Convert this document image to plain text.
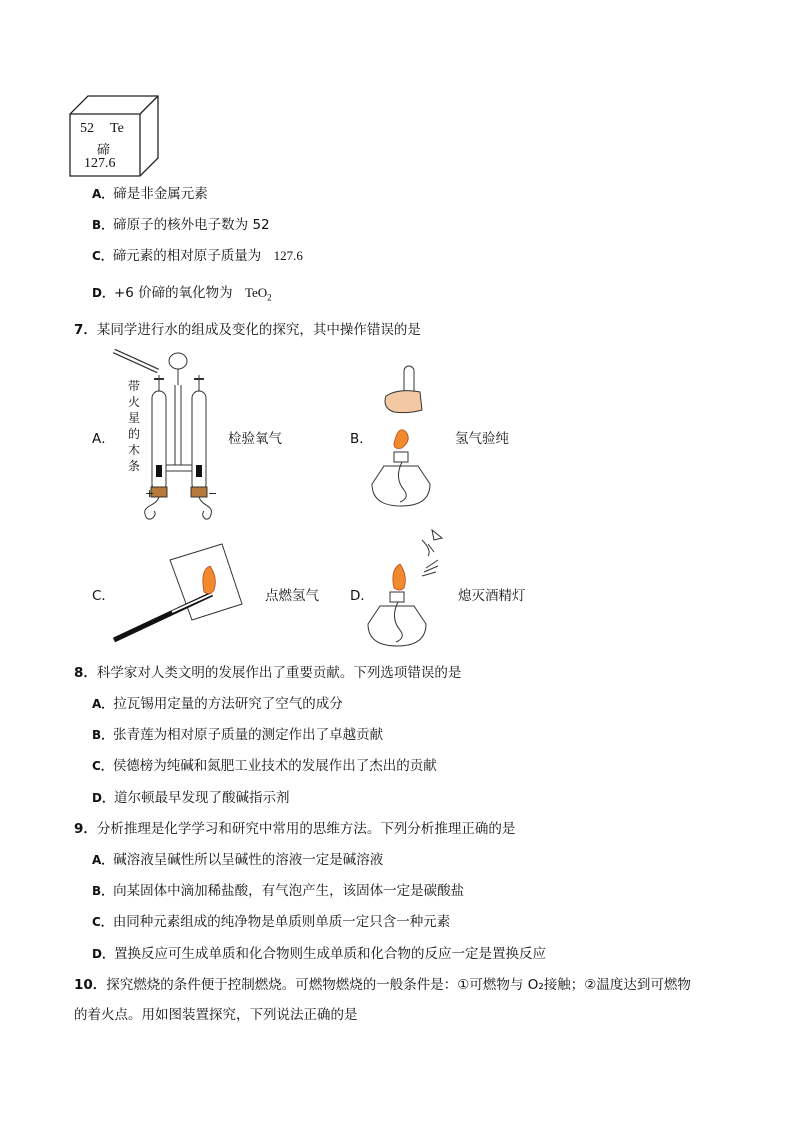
52 Te
碲
127.6
A．碲是非金属元素
B．碲原子的核外电子数为 52
C．碲元素的相对原子质量为 127.6
D．+6 价碲的氧化物为 TeO$_2$
7．某同学进行水的组成及变化的探究，其中操作错误的是
带
火
星
的
木
条
+	−
A．	检验氧气	B．	氢气验纯
C．	点燃氢气 D．	熄灭酒精灯
8．科学家对人类文明的发展作出了重要贡献。下列选项错误的是
A．拉瓦锡用定量的方法研究了空气的成分
B．张青莲为相对原子质量的测定作出了卓越贡献
C．侯德榜为纯碱和氮肥工业技术的发展作出了杰出的贡献
D．道尔顿最早发现了酸碱指示剂
9．分析推理是化学学习和研究中常用的思维方法。下列分析推理正确的是
A．碱溶液呈碱性所以呈碱性的溶液一定是碱溶液
B．向某固体中滴加稀盐酸，有气泡产生，该固体一定是碳酸盐
C．由同种元素组成的纯净物是单质则单质一定只含一种元素
D．置换反应可生成单质和化合物则生成单质和化合物的反应一定是置换反应
10．探究燃烧的条件便于控制燃烧。可燃物燃烧的一般条件是：①可燃物与 O₂接触；②温度达到可燃物
的着火点。用如图装置探究，下列说法正确的是
